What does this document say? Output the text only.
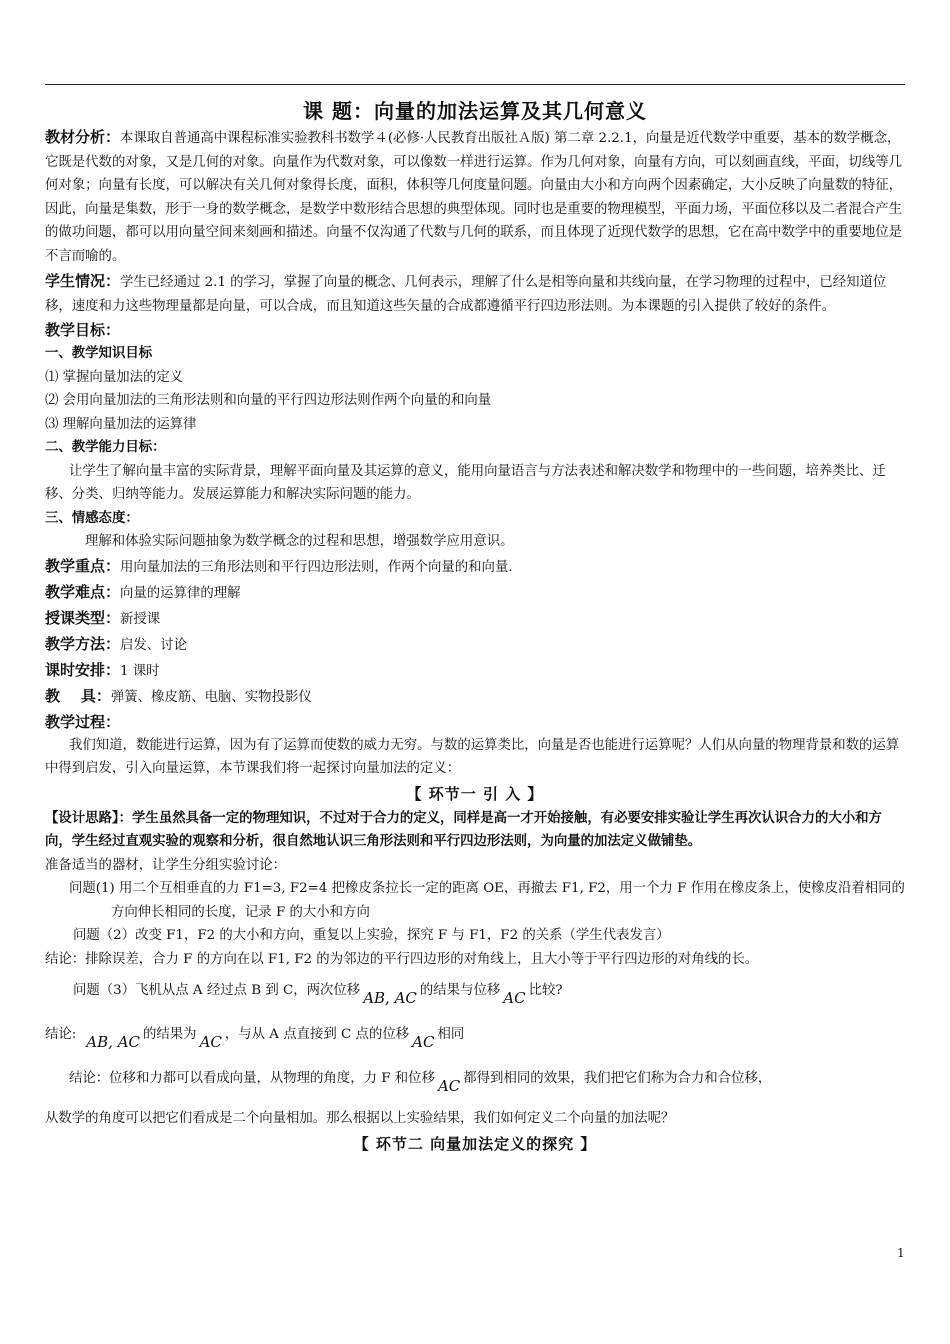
课 题：向量的加法运算及其几何意义

教材分析：本课取自普通高中课程标准实验教科书数学４(必修·人民教育出版社Ａ版) 第二章 2.2.1，向量是近代数学中重要，基本的数学概念，它既是代数的对象，又是几何的对象。向量作为代数对象，可以像数一样进行运算。作为几何对象，向量有方向，可以刻画直线，平面，切线等几何对象；向量有长度，可以解决有关几何对象得长度，面积，体积等几何度量问题。向量由大小和方向两个因素确定，大小反映了向量数的特征，因此，向量是集数，形于一身的数学概念，是数学中数形结合思想的典型体现。同时也是重要的物理模型，平面力场，平面位移以及二者混合产生的做功问题，都可以用向量空间来刻画和描述。向量不仅沟通了代数与几何的联系，而且体现了近现代数学的思想，它在高中数学中的重要地位是不言而喻的。

学生情况：学生已经通过 2.1 的学习，掌握了向量的概念、几何表示，理解了什么是相等向量和共线向量，在学习物理的过程中，已经知道位移，速度和力这些物理量都是向量，可以合成，而且知道这些矢量的合成都遵循平行四边形法则。为本课题的引入提供了较好的条件。

教学目标：

一、教学知识目标

⑴ 掌握向量加法的定义

⑵ 会用向量加法的三角形法则和向量的平行四边形法则作两个向量的和向量

⑶ 理解向量加法的运算律

二、教学能力目标：

让学生了解向量丰富的实际背景，理解平面向量及其运算的意义，能用向量语言与方法表述和解决数学和物理中的一些问题，培养类比、迁移、分类、归纳等能力。发展运算能力和解决实际问题的能力。

三、情感态度：

理解和体验实际问题抽象为数学概念的过程和思想，增强数学应用意识。

教学重点：用向量加法的三角形法则和平行四边形法则，作两个向量的和向量.

教学难点：向量的运算律的理解

授课类型：新授课

教学方法：启发、讨论

课时安排：1 课时

教    具：弹簧、橡皮筋、电脑、实物投影仪

教学过程：

我们知道，数能进行运算，因为有了运算而使数的威力无穷。与数的运算类比，向量是否也能进行运算呢？人们从向量的物理背景和数的运算中得到启发，引入向量运算，本节课我们将一起探讨向量加法的定义：

【 环节一 引 入 】

【设计思路】：学生虽然具备一定的物理知识，不过对于合力的定义，同样是高一才开始接触，有必要安排实验让学生再次认识合力的大小和方向，学生经过直观实验的观察和分析，很自然地认识三角形法则和平行四边形法则，为向量的加法定义做铺垫。

准备适当的器材，让学生分组实验讨论：

问题(1) 用二个互相垂直的力 F1=3, F2=4 把橡皮条拉长一定的距离 OE，再撤去 F1, F2，用一个力 F 作用在橡皮条上，使橡皮沿着相同的方向伸长相同的长度，记录 F 的大小和方向

问题（2）改变 F1，F2 的大小和方向，重复以上实验，探究 F 与 F1，F2 的关系（学生代表发言）

结论：排除误差，合力 F 的方向在以 F1, F2 的为邻边的平行四边形的对角线上，且大小等于平行四边形的对角线的长。

问题（3）飞机从点 A 经过点 B 到 C，两次位移 AB, AC 的结果与位移 AC 比较?

结论: AB, AC 的结果为 AC ，与从 A 点直接到 C 点的位移 AC 相同

结论：位移和力都可以看成向量，从物理的角度，力 F 和位移 AC 都得到相同的效果，我们把它们称为合力和合位移，

从数学的角度可以把它们看成是二个向量相加。那么根据以上实验结果，我们如何定义二个向量的加法呢？

【 环节二 向量加法定义的探究 】

1
